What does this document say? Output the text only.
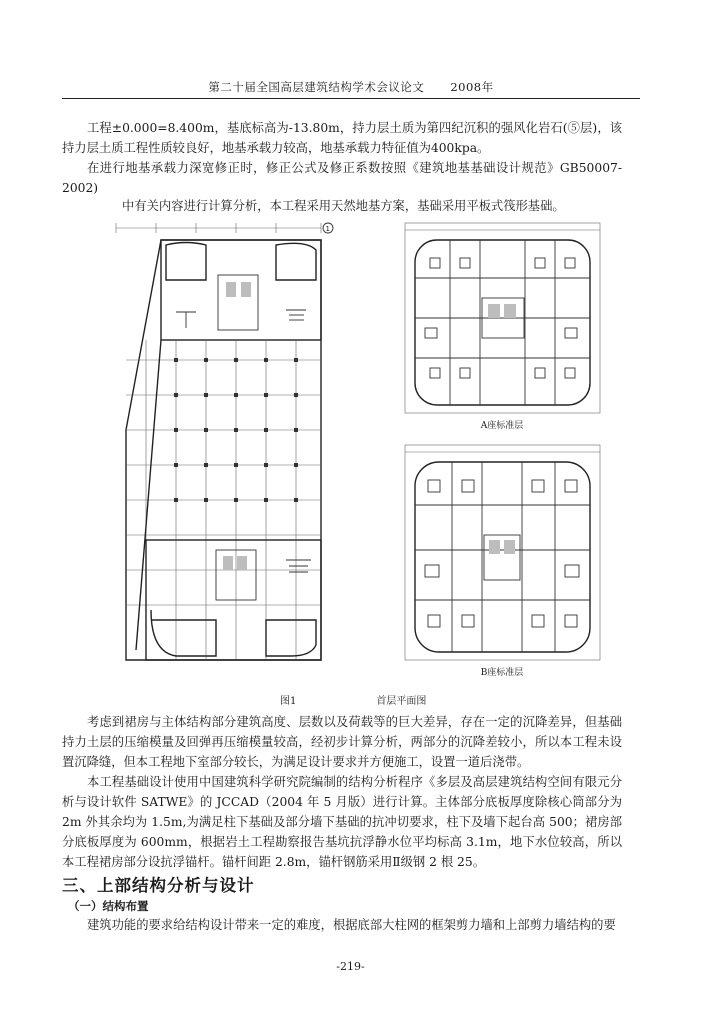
第二十届全国高层建筑结构学术会议论文 2008年

工程±0.000=8.400m，基底标高为-13.80m，持力层土质为第四纪沉积的强风化岩石(⑤层)，该持力层土质工程性质较良好，地基承载力较高，地基承载力特征值为400kpa。

在进行地基承载力深宽修正时，修正公式及修正系数按照《建筑地基基础设计规范》GB50007-2002)

中有关内容进行计算分析，本工程采用天然地基方案，基础采用平板式筏形基础。

1
A座标准层
B座标准层
图1	首层平面图

考虑到裙房与主体结构部分建筑高度、层数以及荷载等的巨大差异，存在一定的沉降差异，但基础持力土层的压缩模量及回弹再压缩模量较高，经初步计算分析，两部分的沉降差较小，所以本工程未设置沉降缝，但本工程地下室部分较长，为满足设计要求并方便施工，设置一道后浇带。

本工程基础设计使用中国建筑科学研究院编制的结构分析程序《多层及高层建筑结构空间有限元分析与设计软件 SATWE》的 JCCAD（2004 年 5 月版）进行计算。主体部分底板厚度除核心筒部分为 2m 外其余均为 1.5m,为满足柱下基础及部分墙下基础的抗冲切要求，柱下及墙下起台高 500；裙房部分底板厚度为 600mm，根据岩土工程勘察报告基坑抗浮静水位平均标高 3.1m，地下水位较高，所以本工程裙房部分设抗浮锚杆。锚杆间距 2.8m，锚杆钢筋采用Ⅱ级钢 2 根 25。

三、上部结构分析与设计
（一）结构布置

建筑功能的要求给结构设计带来一定的难度，根据底部大柱网的框架剪力墙和上部剪力墙结构的要

-219-
